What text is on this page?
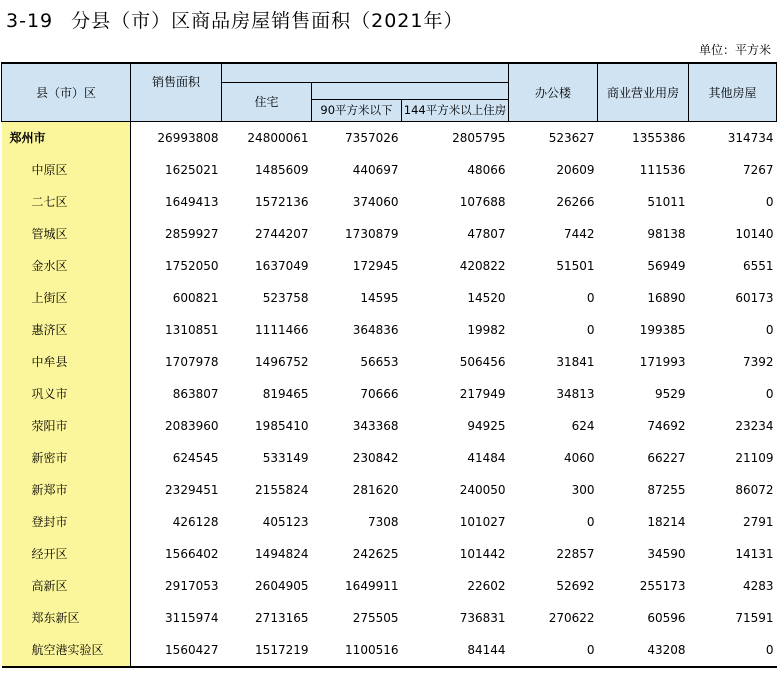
3-19 分县（市）区商品房屋销售面积（2021年）
单位：平方米
县（市）区	销售面积				办公楼	商业营业用房	其他房屋
		住宅					
			90平方米以下	144平方米以上住房			
郑州市	26993808	24800061	7357026	2805795	523627	1355386	314734
中原区	1625021	1485609	440697	48066	20609	111536	7267
二七区	1649413	1572136	374060	107688	26266	51011	0
管城区	2859927	2744207	1730879	47807	7442	98138	10140
金水区	1752050	1637049	172945	420822	51501	56949	6551
上街区	600821	523758	14595	14520	0	16890	60173
惠济区	1310851	1111466	364836	19982	0	199385	0
中牟县	1707978	1496752	56653	506456	31841	171993	7392
巩义市	863807	819465	70666	217949	34813	9529	0
荥阳市	2083960	1985410	343368	94925	624	74692	23234
新密市	624545	533149	230842	41484	4060	66227	21109
新郑市	2329451	2155824	281620	240050	300	87255	86072
登封市	426128	405123	7308	101027	0	18214	2791
经开区	1566402	1494824	242625	101442	22857	34590	14131
高新区	2917053	2604905	1649911	22602	52692	255173	4283
郑东新区	3115974	2713165	275505	736831	270622	60596	71591
航空港实验区	1560427	1517219	1100516	84144	0	43208	0
